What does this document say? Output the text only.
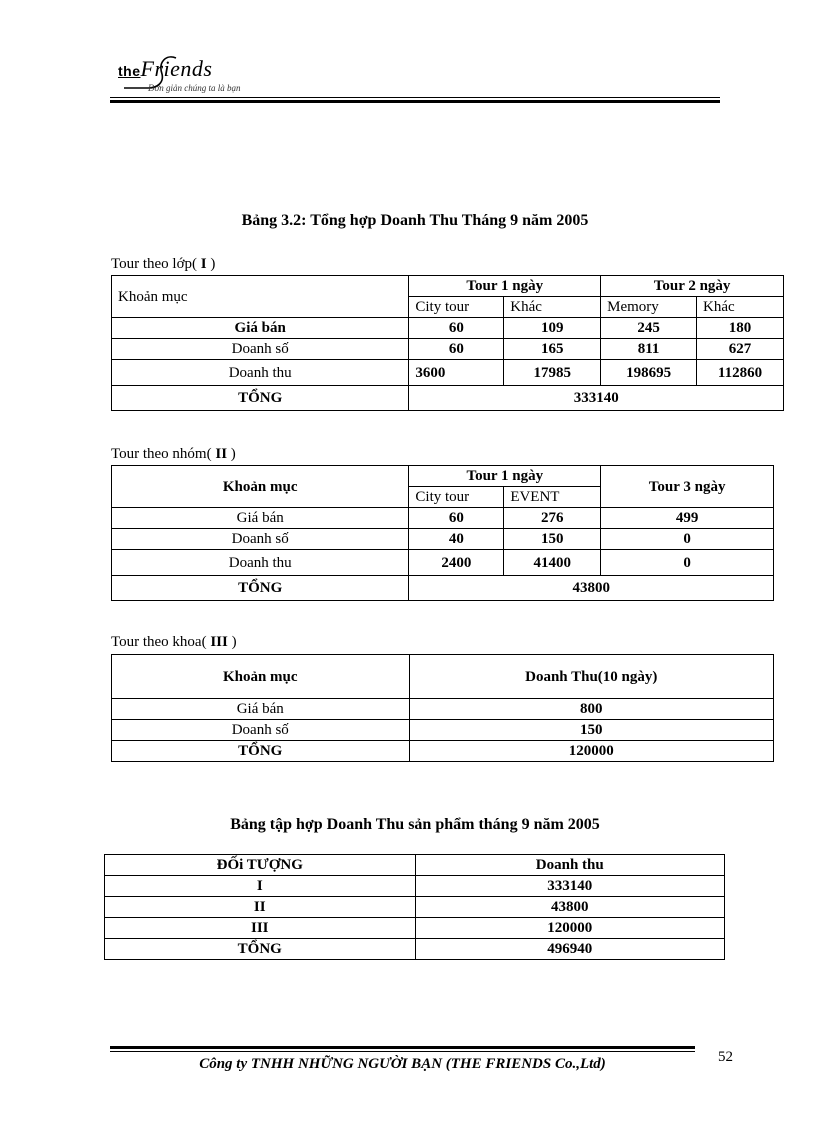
theFriends
Đơn giản chúng ta là bạn
Bảng 3.2: Tổng hợp Doanh Thu Tháng 9 năm 2005
Tour theo lớp( I )
Khoản mục	Tour 1 ngày		Tour 2 ngày	
	City tour	Khác	Memory	Khác
Giá bán	60	109	245	180
Doanh số	60	165	811	627
Doanh thu	3600	17985	198695	112860
TỔNG	333140			
Tour theo nhóm( II )
Khoản mục	Tour 1 ngày		Tour 3 ngày
	City tour	EVENT	
Giá bán	60	276	499
Doanh số	40	150	0
Doanh thu	2400	41400	0
TỔNG	43800		
Tour theo khoa( III )
Khoản mục	Doanh Thu(10 ngày)
Giá bán	800
Doanh số	150
TỔNG	120000
Bảng tập hợp Doanh Thu sản phẩm tháng 9 năm 2005
ĐỐi TƯỢNG	Doanh thu
I	333140
II	43800
III	120000
TỔNG	496940
Công ty TNHH NHỮNG NGƯỜI BẠN (THE FRIENDS Co.,Ltd)	52
